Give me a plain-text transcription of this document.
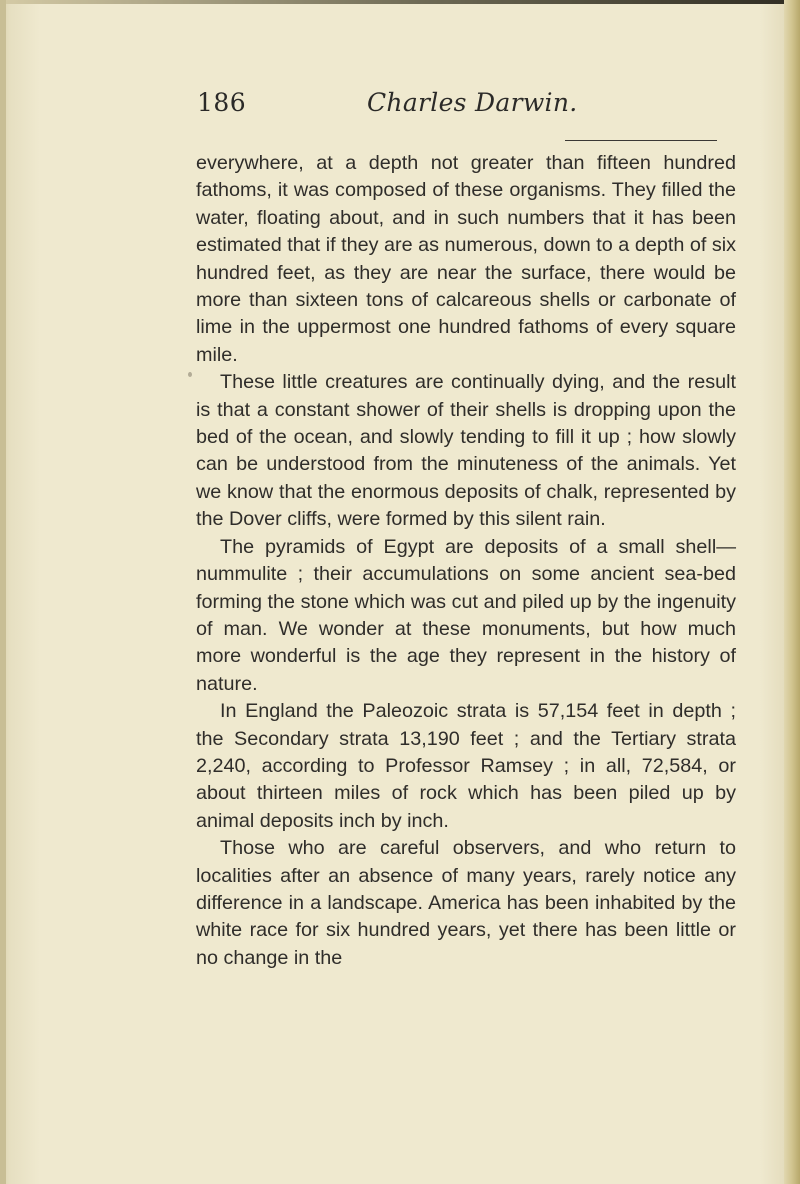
186	Charles Darwin.

everywhere, at a depth not greater than fifteen hundred fathoms, it was composed of these organisms. They filled the water, floating about, and in such numbers that it has been estimated that if they are as numerous, down to a depth of six hundred feet, as they are near the surface, there would be more than sixteen tons of calcareous shells or carbonate of lime in the uppermost one hundred fathoms of every square mile.

These little creatures are continually dying, and the result is that a constant shower of their shells is dropping upon the bed of the ocean, and slowly tending to fill it up ; how slowly can be understood from the minuteness of the animals. Yet we know that the enormous deposits of chalk, represented by the Dover cliffs, were formed by this silent rain.

The pyramids of Egypt are deposits of a small shell—nummulite ; their accumulations on some ancient sea-bed forming the stone which was cut and piled up by the ingenuity of man. We wonder at these monuments, but how much more wonderful is the age they represent in the history of nature.

In England the Paleozoic strata is 57,154 feet in depth ; the Secondary strata 13,190 feet ; and the Tertiary strata 2,240, according to Professor Ramsey ; in all, 72,584, or about thirteen miles of rock which has been piled up by animal deposits inch by inch.

Those who are careful observers, and who return to localities after an absence of many years, rarely notice any difference in a landscape. America has been inhabited by the white race for six hundred years, yet there has been little or no change in the
